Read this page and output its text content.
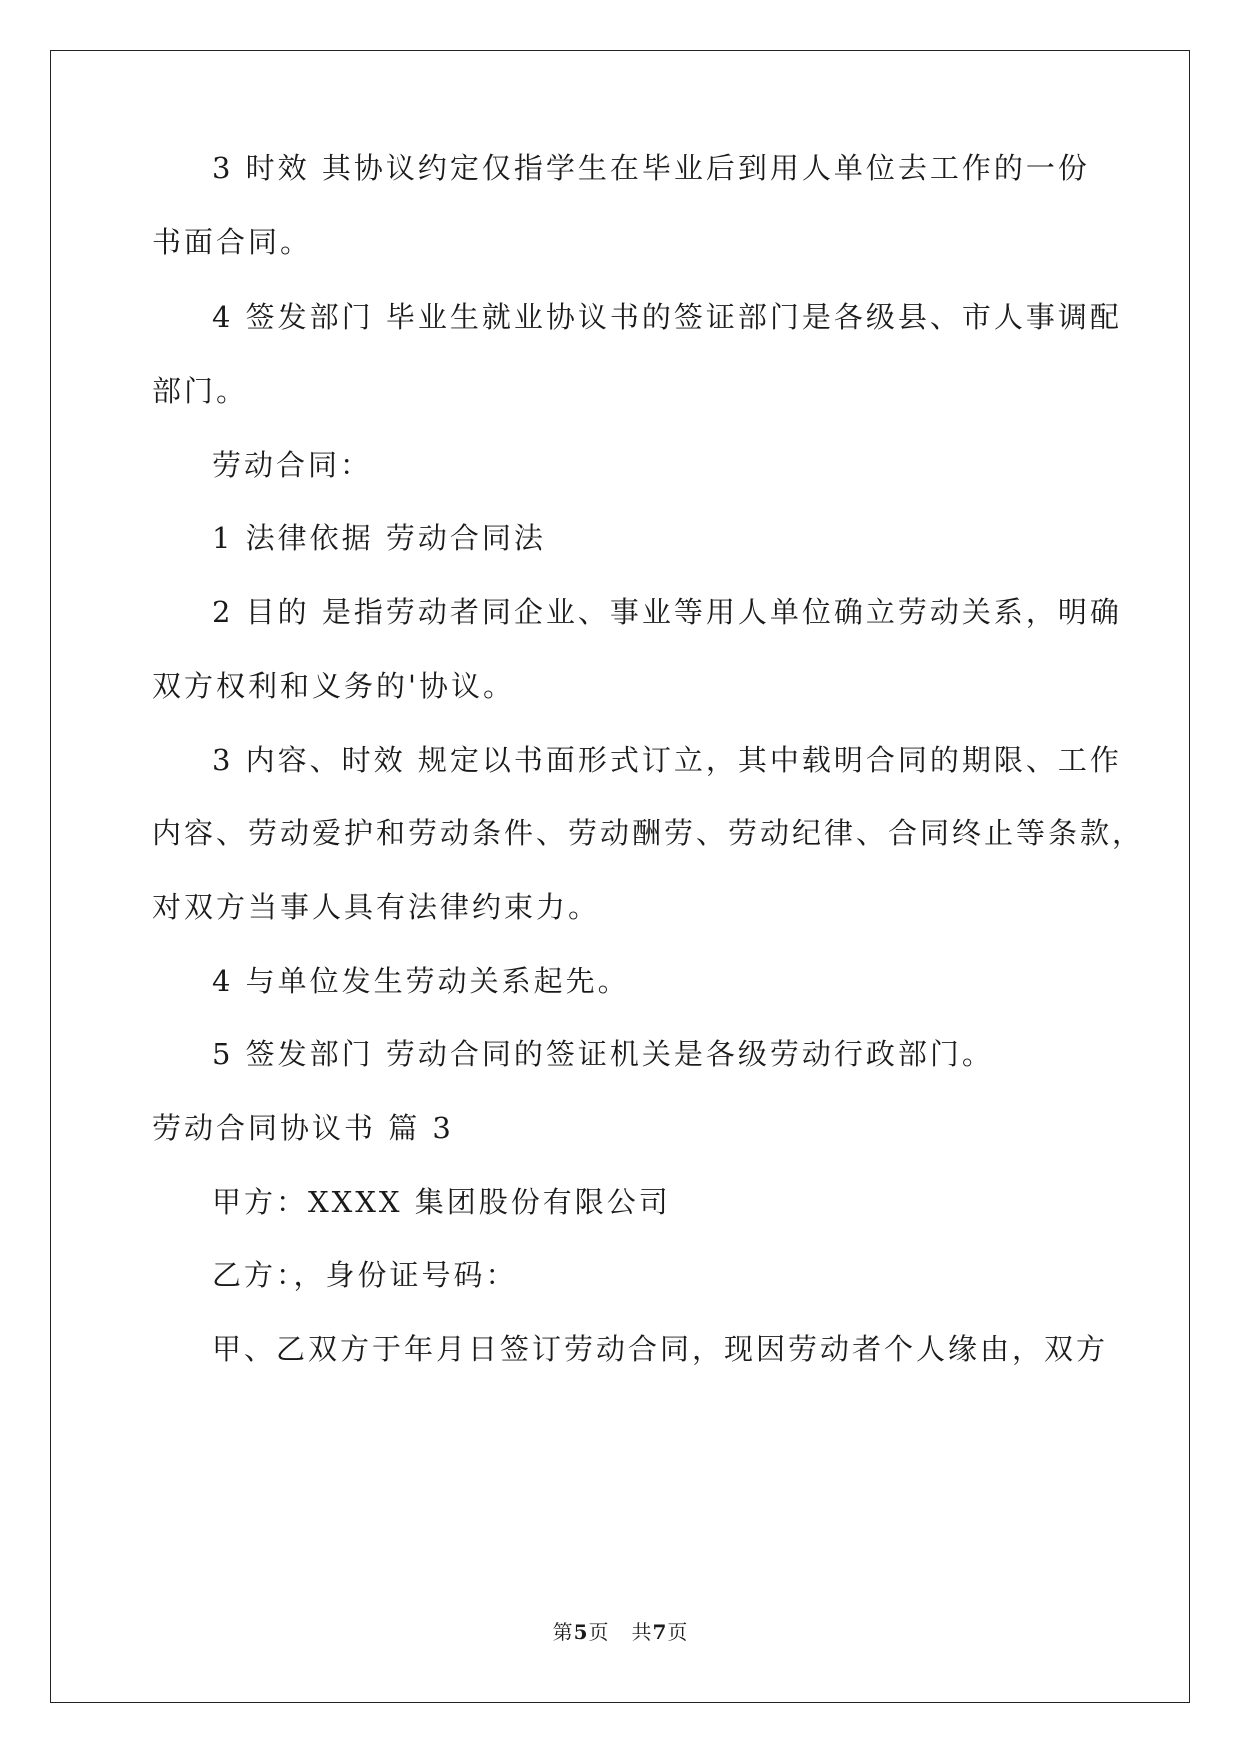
3 时效 其协议约定仅指学生在毕业后到用人单位去工作的一份

书面合同。

4 签发部门 毕业生就业协议书的签证部门是各级县、市人事调配

部门。

劳动合同：

1 法律依据 劳动合同法

2 目的 是指劳动者同企业、事业等用人单位确立劳动关系，明确

双方权利和义务的'协议。

3 内容、时效 规定以书面形式订立，其中载明合同的期限、工作

内容、劳动爱护和劳动条件、劳动酬劳、劳动纪律、合同终止等条款，

对双方当事人具有法律约束力。

4 与单位发生劳动关系起先。

5 签发部门 劳动合同的签证机关是各级劳动行政部门。

劳动合同协议书 篇 3

甲方：XXXX 集团股份有限公司

乙方：，身份证号码：

甲、乙双方于年月日签订劳动合同，现因劳动者个人缘由，双方

第5页 共7页
